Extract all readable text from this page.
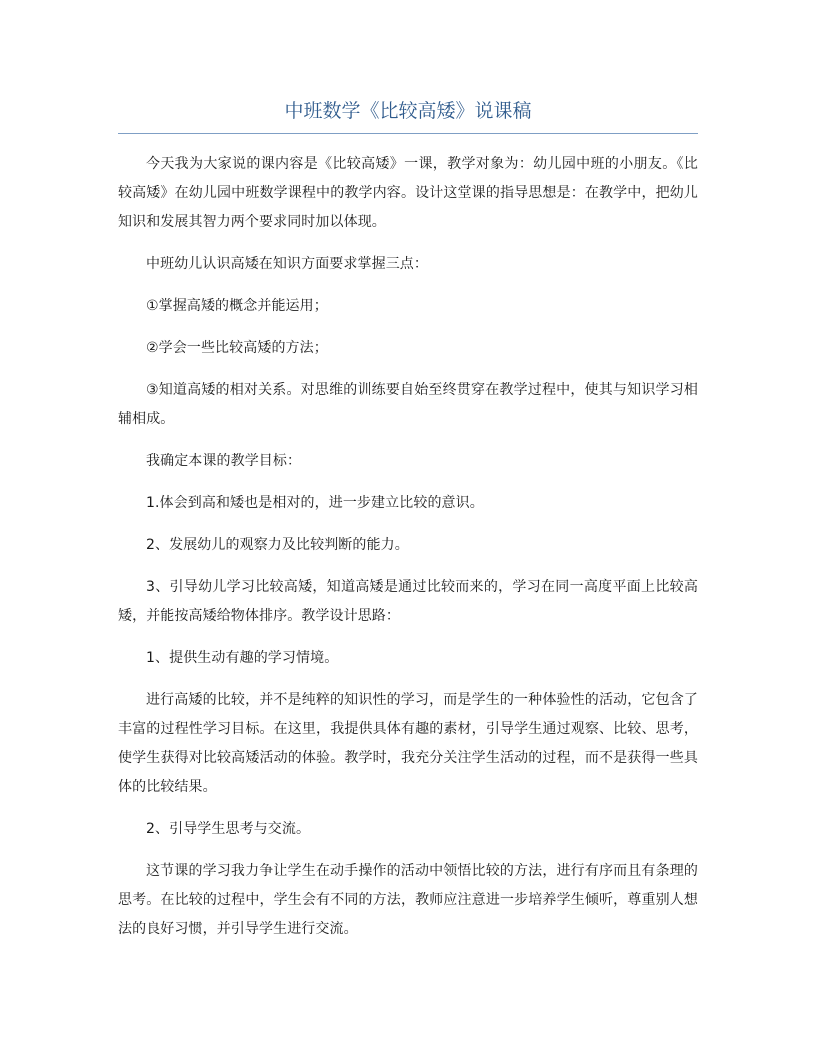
中班数学《比较高矮》说课稿

今天我为大家说的课内容是《比较高矮》一课，教学对象为：幼儿园中班的小朋友。《比较高矮》在幼儿园中班数学课程中的教学内容。设计这堂课的指导思想是：在教学中，把幼儿知识和发展其智力两个要求同时加以体现。

中班幼儿认识高矮在知识方面要求掌握三点：

①掌握高矮的概念并能运用；

②学会一些比较高矮的方法；

③知道高矮的相对关系。对思维的训练要自始至终贯穿在教学过程中，使其与知识学习相辅相成。

我确定本课的教学目标：

1.体会到高和矮也是相对的，进一步建立比较的意识。

2、发展幼儿的观察力及比较判断的能力。

3、引导幼儿学习比较高矮，知道高矮是通过比较而来的，学习在同一高度平面上比较高矮，并能按高矮给物体排序。教学设计思路：

1、提供生动有趣的学习情境。

进行高矮的比较，并不是纯粹的知识性的学习，而是学生的一种体验性的活动，它包含了丰富的过程性学习目标。在这里，我提供具体有趣的素材，引导学生通过观察、比较、思考，使学生获得对比较高矮活动的体验。教学时，我充分关注学生活动的过程，而不是获得一些具体的比较结果。

2、引导学生思考与交流。

这节课的学习我力争让学生在动手操作的活动中领悟比较的方法，进行有序而且有条理的思考。在比较的过程中，学生会有不同的方法，教师应注意进一步培养学生倾听，尊重别人想法的良好习惯，并引导学生进行交流。
